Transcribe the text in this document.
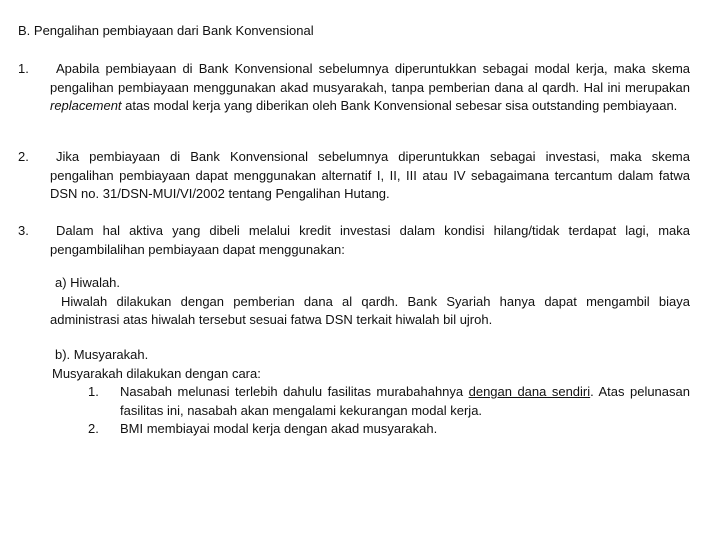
B. Pengalihan pembiayaan dari Bank Konvensional
1.	Apabila pembiayaan di Bank Konvensional sebelumnya diperuntukkan sebagai modal kerja, maka skema pengalihan pembiayaan menggunakan akad musyarakah, tanpa pemberian dana al qardh. Hal ini merupakan replacement atas modal kerja yang diberikan oleh Bank Konvensional sebesar sisa outstanding pembiayaan.
2.	Jika pembiayaan di Bank Konvensional sebelumnya diperuntukkan sebagai investasi, maka skema pengalihan pembiayaan dapat menggunakan alternatif I, II, III atau IV sebagaimana tercantum dalam fatwa DSN no. 31/DSN-MUI/VI/2002 tentang Pengalihan Hutang.
3.	Dalam hal aktiva yang dibeli melalui kredit investasi dalam kondisi hilang/tidak terdapat lagi, maka pengambilalihan pembiayaan dapat menggunakan:
a) Hiwalah.
Hiwalah dilakukan dengan pemberian dana al qardh. Bank Syariah hanya dapat mengambil biaya administrasi atas hiwalah tersebut sesuai fatwa DSN terkait hiwalah bil ujroh.
b). Musyarakah.
Musyarakah dilakukan dengan cara:
1. Nasabah melunasi terlebih dahulu fasilitas murabahahnya dengan dana sendiri. Atas pelunasan fasilitas ini, nasabah akan mengalami kekurangan modal kerja.
2. BMI membiayai modal kerja dengan akad musyarakah.
